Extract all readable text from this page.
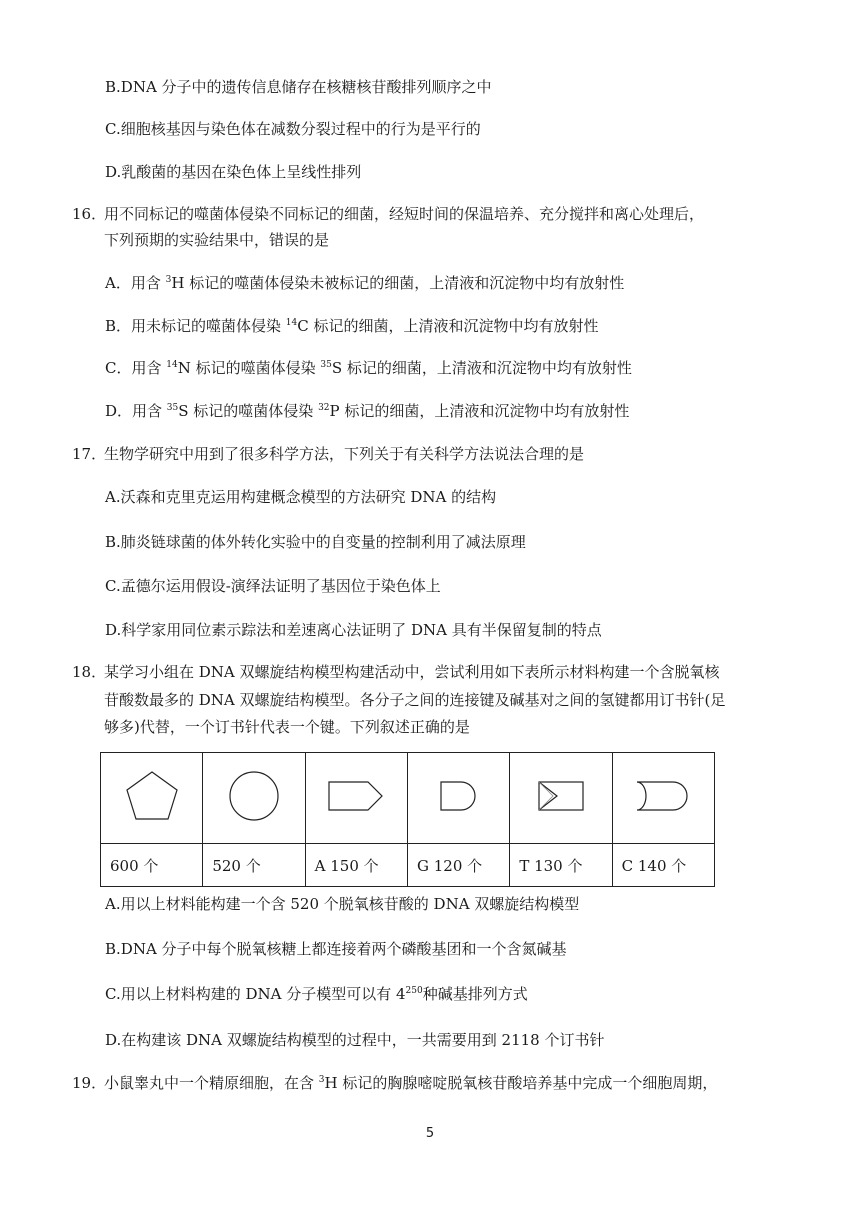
B.DNA 分子中的遗传信息储存在核糖核苷酸排列顺序之中
C.细胞核基因与染色体在减数分裂过程中的行为是平行的
D.乳酸菌的基因在染色体上呈线性排列
16．
用不同标记的噬菌体侵染不同标记的细菌，经短时间的保温培养、充分搅拌和离心处理后，
下列预期的实验结果中，错误的是
A．用含 $^3$H 标记的噬菌体侵染未被标记的细菌，上清液和沉淀物中均有放射性
B．用未标记的噬菌体侵染 $^{14}$C 标记的细菌，上清液和沉淀物中均有放射性
C．用含 $^{14}$N 标记的噬菌体侵染 $^{35}$S 标记的细菌，上清液和沉淀物中均有放射性
D．用含 $^{35}$S 标记的噬菌体侵染 $^{32}$P 标记的细菌，上清液和沉淀物中均有放射性
17．
生物学研究中用到了很多科学方法，下列关于有关科学方法说法合理的是
A.沃森和克里克运用构建概念模型的方法研究 DNA 的结构
B.肺炎链球菌的体外转化实验中的自变量的控制利用了减法原理
C.孟德尔运用假设-演绎法证明了基因位于染色体上
D.科学家用同位素示踪法和差速离心法证明了 DNA 具有半保留复制的特点
18．
某学习小组在 DNA 双螺旋结构模型构建活动中，尝试利用如下表所示材料构建一个含脱氧核
苷酸数最多的 DNA 双螺旋结构模型。各分子之间的连接键及碱基对之间的氢键都用订书针(足
够多)代替，一个订书针代表一个键。下列叙述正确的是

600 个	520 个	A 150 个	G 120 个	T 130 个	C 140 个
A.用以上材料能构建一个含 520 个脱氧核苷酸的 DNA 双螺旋结构模型
B.DNA 分子中每个脱氧核糖上都连接着两个磷酸基团和一个含氮碱基
C.用以上材料构建的 DNA 分子模型可以有 $4^{250}$种碱基排列方式
D.在构建该 DNA 双螺旋结构模型的过程中，一共需要用到 2118 个订书针
19．
小鼠睾丸中一个精原细胞，在含 $^3$H 标记的胸腺嘧啶脱氧核苷酸培养基中完成一个细胞周期，
5
